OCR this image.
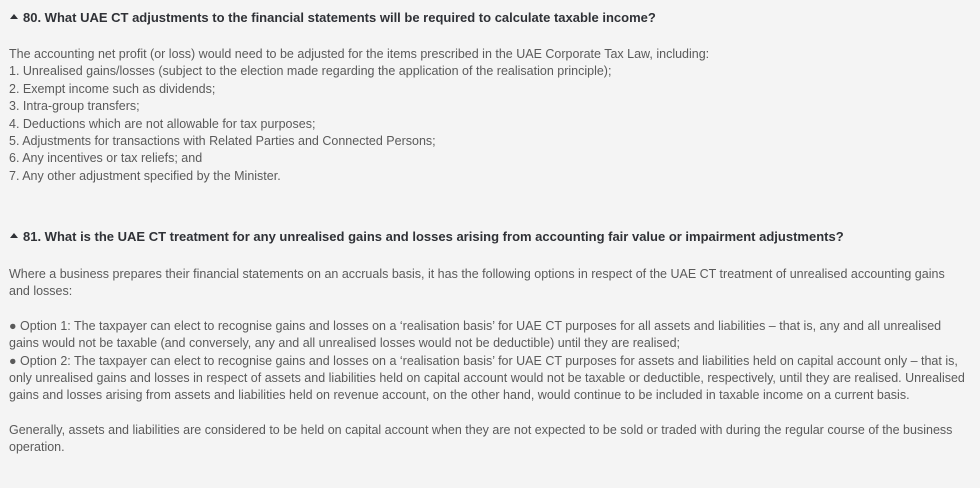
80. What UAE CT adjustments to the financial statements will be required to calculate taxable income?
The accounting net profit (or loss) would need to be adjusted for the items prescribed in the UAE Corporate Tax Law, including:
1. Unrealised gains/losses (subject to the election made regarding the application of the realisation principle);
2. Exempt income such as dividends;
3. Intra-group transfers;
4. Deductions which are not allowable for tax purposes;
5. Adjustments for transactions with Related Parties and Connected Persons;
6. Any incentives or tax reliefs; and
7. Any other adjustment specified by the Minister.
81. What is the UAE CT treatment for any unrealised gains and losses arising from accounting fair value or impairment adjustments?
Where a business prepares their financial statements on an accruals basis, it has the following options in respect of the UAE CT treatment of unrealised accounting gains and losses:
● Option 1: The taxpayer can elect to recognise gains and losses on a ‘realisation basis’ for UAE CT purposes for all assets and liabilities – that is, any and all unrealised gains would not be taxable (and conversely, any and all unrealised losses would not be deductible) until they are realised;
● Option 2: The taxpayer can elect to recognise gains and losses on a ‘realisation basis’ for UAE CT purposes for assets and liabilities held on capital account only – that is, only unrealised gains and losses in respect of assets and liabilities held on capital account would not be taxable or deductible, respectively, until they are realised. Unrealised gains and losses arising from assets and liabilities held on revenue account, on the other hand, would continue to be included in taxable income on a current basis.
Generally, assets and liabilities are considered to be held on capital account when they are not expected to be sold or traded with during the regular course of the business operation.
